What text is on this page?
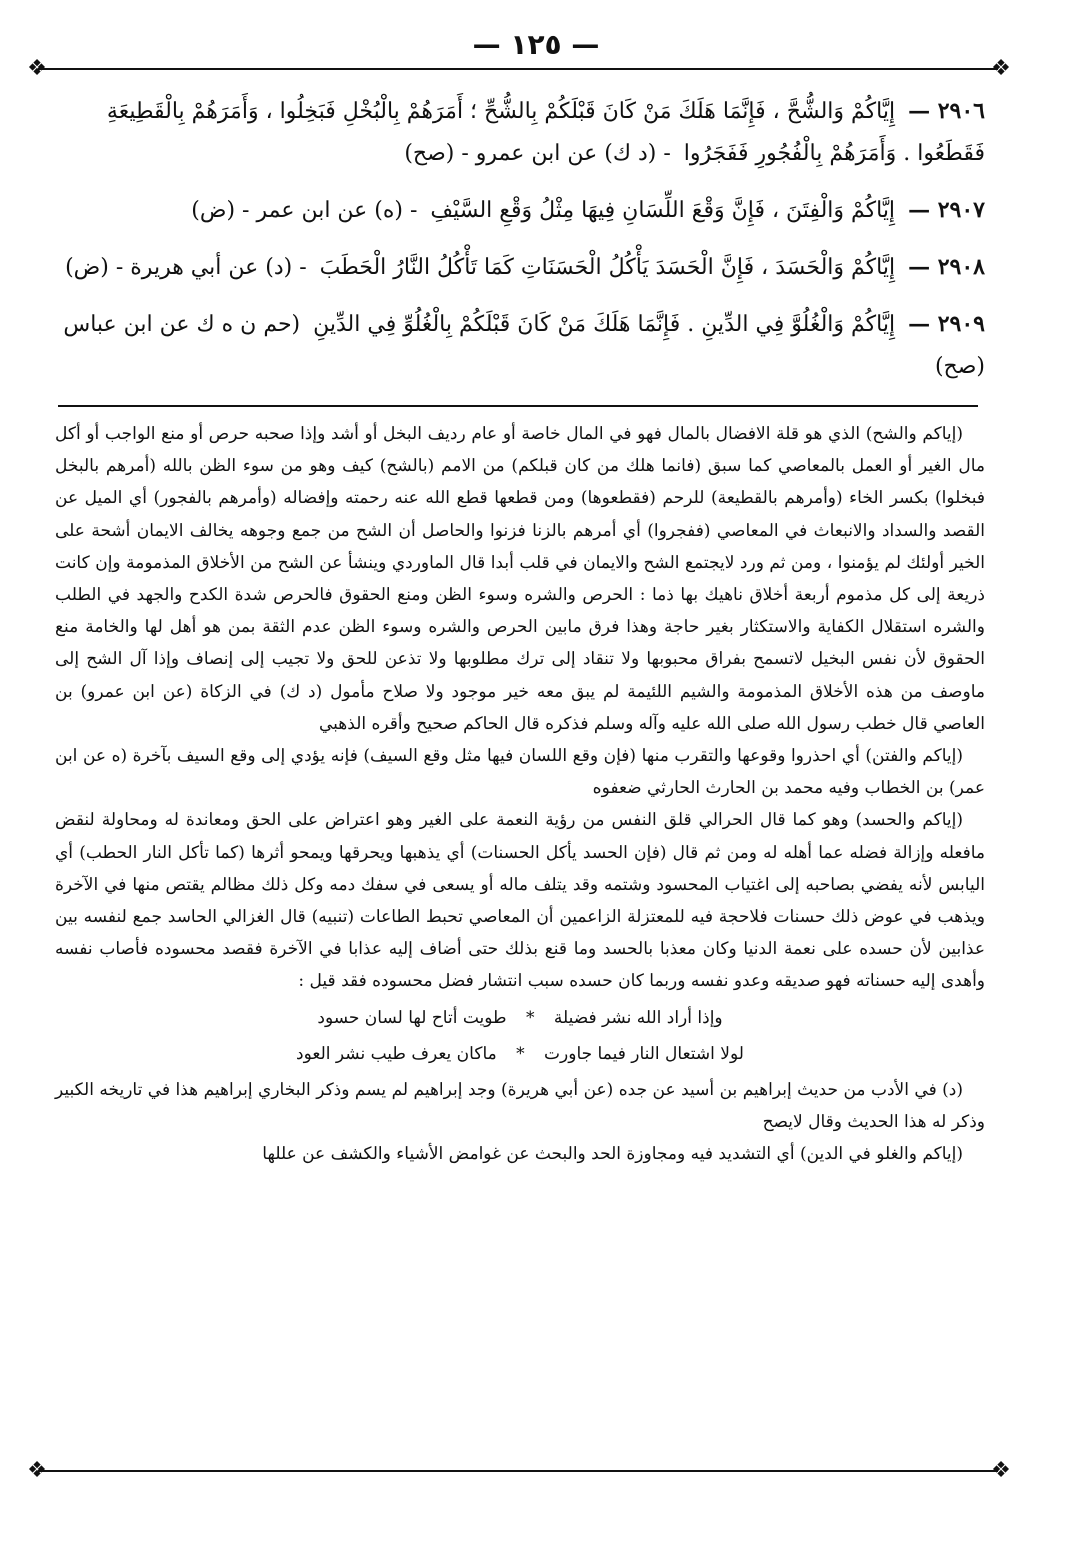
— ١٢٥ —
❖	❖
❖	❖
٢٩٠٦ — إِيَّاكُمْ وَالشُّحَّ ، فَإِنَّمَا هَلَكَ مَنْ كَانَ قَبْلَكُمْ بِالشُّحِّ ؛ أَمَرَهُمْ بِالْبُخْلِ فَبَخِلُوا ، وَأَمَرَهُمْ بِالْقَطِيعَةِ فَقَطَعُوا . وَأَمَرَهُمْ بِالْفُجُورِ فَفَجَرُوا - (د ك) عن ابن عمرو - (صح)
٢٩٠٧ — إِيَّاكُمْ وَالْفِتَنَ ، فَإِنَّ وَقْعَ اللِّسَانِ فِيهَا مِثْلُ وَقْعِ السَّيْفِ - (ه) عن ابن عمر - (ض)
٢٩٠٨ — إِيَّاكُمْ وَالْحَسَدَ ، فَإِنَّ الْحَسَدَ يَأْكُلُ الْحَسَنَاتِ كَمَا تَأْكُلُ النَّارُ الْحَطَبَ - (د) عن أبي هريرة - (ض)
٢٩٠٩ — إِيَّاكُمْ وَالْغُلُوَّ فِي الدِّينِ . فَإِنَّمَا هَلَكَ مَنْ كَانَ قَبْلَكُمْ بِالْغُلُوِّ فِي الدِّينِ (حم ن ه ك عن ابن عباس (صح)

(إياكم والشح) الذي هو قلة الافضال بالمال فهو في المال خاصة أو عام رديف البخل أو أشد وإذا صحبه حرص أو منع الواجب أو أكل مال الغير أو العمل بالمعاصي كما سبق (فانما هلك من كان قبلكم) من الامم (بالشح) كيف وهو من سوء الظن بالله (أمرهم بالبخل فبخلوا) بكسر الخاء (وأمرهم بالقطيعة) للرحم (فقطعوها) ومن قطعها قطع الله عنه رحمته وإفضاله (وأمرهم بالفجور) أي الميل عن القصد والسداد والانبعاث في المعاصي (ففجروا) أي أمرهم بالزنا فزنوا والحاصل أن الشح من جمع وجوهه يخالف الايمان أشحة على الخير أولئك لم يؤمنوا ، ومن ثم ورد لايجتمع الشح والايمان في قلب أبدا قال الماوردي وينشأ عن الشح من الأخلاق المذمومة وإن كانت ذريعة إلى كل مذموم أربعة أخلاق ناهيك بها ذما : الحرص والشره وسوء الظن ومنع الحقوق فالحرص شدة الكدح والجهد في الطلب والشره استقلال الكفاية والاستكثار بغير حاجة وهذا فرق مابين الحرص والشره وسوء الظن عدم الثقة بمن هو أهل لها والخامة منع الحقوق لأن نفس البخيل لاتسمح بفراق محبوبها ولا تنقاد إلى ترك مطلوبها ولا تذعن للحق ولا تجيب إلى إنصاف وإذا آل الشح إلى ماوصف من هذه الأخلاق المذمومة والشيم اللئيمة لم يبق معه خير موجود ولا صلاح مأمول (د ك) في الزكاة (عن ابن عمرو) بن العاصي قال خطب رسول الله صلى الله عليه وآله وسلم فذكره قال الحاكم صحيح وأقره الذهبي

(إياكم والفتن) أي احذروا وقوعها والتقرب منها (فإن وقع اللسان فيها مثل وقع السيف) فإنه يؤدي إلى وقع السيف بآخرة (ه عن ابن عمر) بن الخطاب وفيه محمد بن الحارث الحارثي ضعفوه

(إياكم والحسد) وهو كما قال الحرالي قلق النفس من رؤية النعمة على الغير وهو اعتراض على الحق ومعاندة له ومحاولة لنقض مافعله وإزالة فضله عما أهله له ومن ثم قال (فإن الحسد يأكل الحسنات) أي يذهبها ويحرقها ويمحو أثرها (كما تأكل النار الحطب) أي اليابس لأنه يفضي بصاحبه إلى اغتياب المحسود وشتمه وقد يتلف ماله أو يسعى في سفك دمه وكل ذلك مظالم يقتص منها في الآخرة ويذهب في عوض ذلك حسنات فلاحجة فيه للمعتزلة الزاعمين أن المعاصي تحبط الطاعات (تنبيه) قال الغزالي الحاسد جمع لنفسه بين عذابين لأن حسده على نعمة الدنيا وكان معذبا بالحسد وما قنع بذلك حتى أضاف إليه عذابا في الآخرة فقصد محسوده فأصاب نفسه وأهدى إليه حسناته فهو صديقه وعدو نفسه وربما كان حسده سبب انتشار فضل محسوده فقد قيل :

وإذا أراد الله نشر فضيلة * طويت أتاح لها لسان حسود
لولا اشتعال النار فيما جاورت * ماكان يعرف طيب نشر العود

(د) في الأدب من حديث إبراهيم بن أسيد عن جده (عن أبي هريرة) وجد إبراهيم لم يسم وذكر البخاري إبراهيم هذا في تاريخه الكبير وذكر له هذا الحديث وقال لايصح

(إياكم والغلو في الدين) أي التشديد فيه ومجاوزة الحد والبحث عن غوامض الأشياء والكشف عن عللها
